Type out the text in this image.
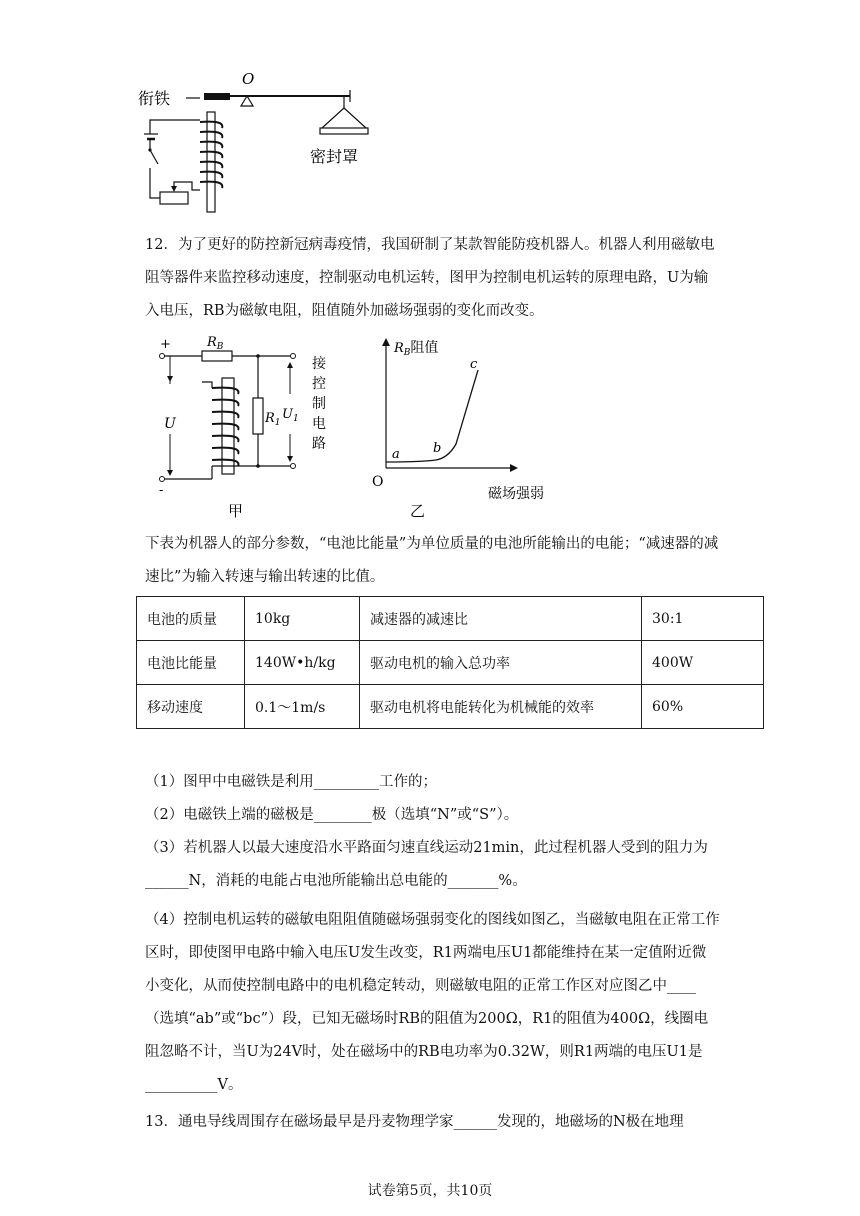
O
衔铁
密封罩

12．为了更好的防控新冠病毒疫情，我国研制了某款智能防疫机器人。机器人利用磁敏电阻等器件来监控移动速度，控制驱动电机运转，图甲为控制电机运转的原理电路，U为输入电压，RB为磁敏电阻，阻值随外加磁场强弱的变化而改变。

+	$R_B$
$R_1$
$U_1$
接
控
制
电
路
U
-
甲
$R_B$阻值
磁场强弱
O
a	b
c
乙

下表为机器人的部分参数，“电池比能量”为单位质量的电池所能输出的电能；“减速器的减速比”为输入转速与输出转速的比值。

电池的质量	10kg	减速器的减速比	30:1
电池比能量	140W•h/kg	驱动电机的输入总功率	400W
移动速度	0.1～1m/s	驱动电机将电能转化为机械能的效率	60%

（1）图甲中电磁铁是利用_________工作的；

（2）电磁铁上端的磁极是________极（选填“N”或“S”）。

（3）若机器人以最大速度沿水平路面匀速直线运动21min，此过程机器人受到的阻力为______N，消耗的电能占电池所能输出总电能的_______%。

（4）控制电机运转的磁敏电阻阻值随磁场强弱变化的图线如图乙，当磁敏电阻在正常工作区时，即使图甲电路中输入电压U发生改变，R1两端电压U1都能维持在某一定值附近微小变化，从而使控制电路中的电机稳定转动，则磁敏电阻的正常工作区对应图乙中____（选填“ab”或“bc”）段，已知无磁场时RB的阻值为200Ω，R1的阻值为400Ω，线圈电阻忽略不计，当U为24V时，处在磁场中的RB电功率为0.32W，则R1两端的电压U1是__________V。

13．通电导线周围存在磁场最早是丹麦物理学家______发现的，地磁场的N极在地理

试卷第5页，共10页
